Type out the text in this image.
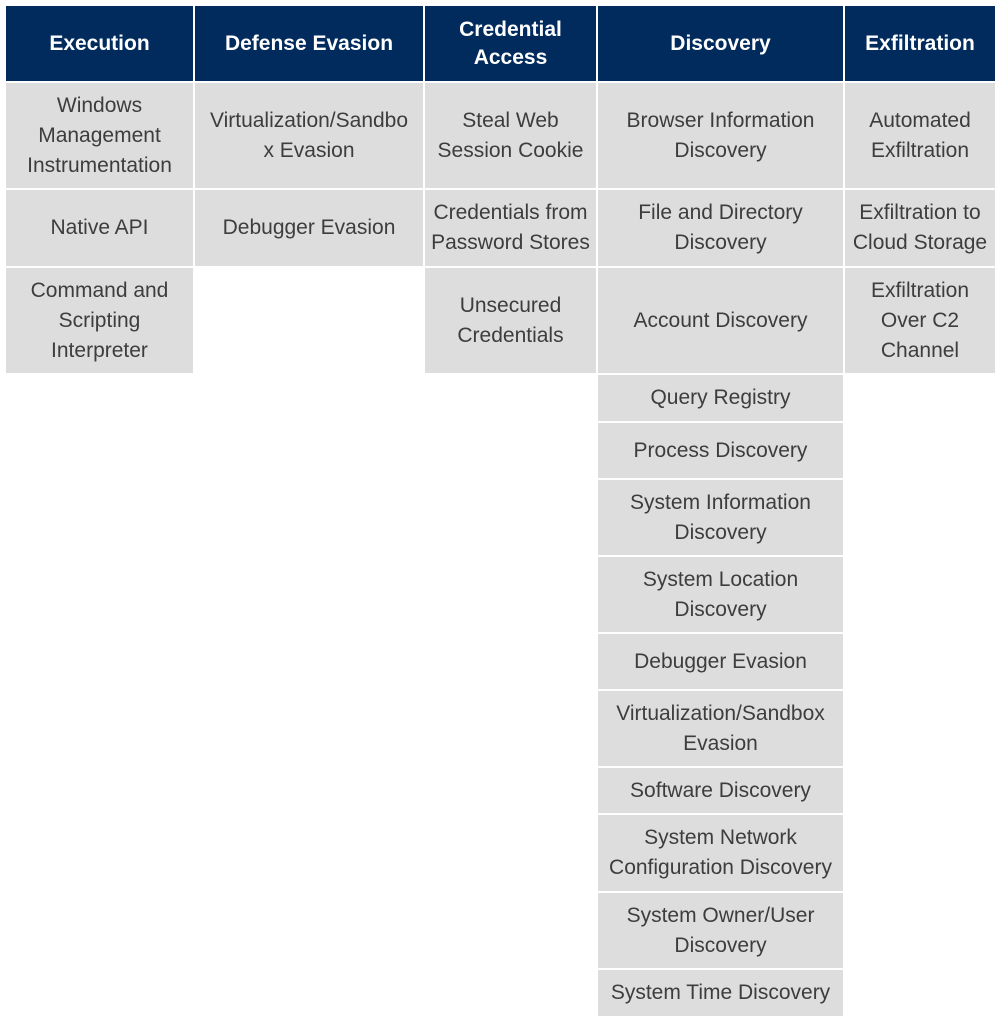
Execution
Windows
Management
Instrumentation
Native API
Command and
Scripting
Interpreter
Defense Evasion
Virtualization/Sandbo
x Evasion
Debugger Evasion
Credential
Access
Steal Web
Session Cookie
Credentials from
Password Stores
Unsecured
Credentials
Discovery
Browser Information
Discovery
File and Directory
Discovery
Account Discovery
Query Registry
Process Discovery
System Information
Discovery
System Location
Discovery
Debugger Evasion
Virtualization/Sandbox
Evasion
Software Discovery
System Network
Configuration Discovery
System Owner/User
Discovery
System Time Discovery
Exfiltration
Automated
Exfiltration
Exfiltration to
Cloud Storage
Exfiltration
Over C2
Channel
